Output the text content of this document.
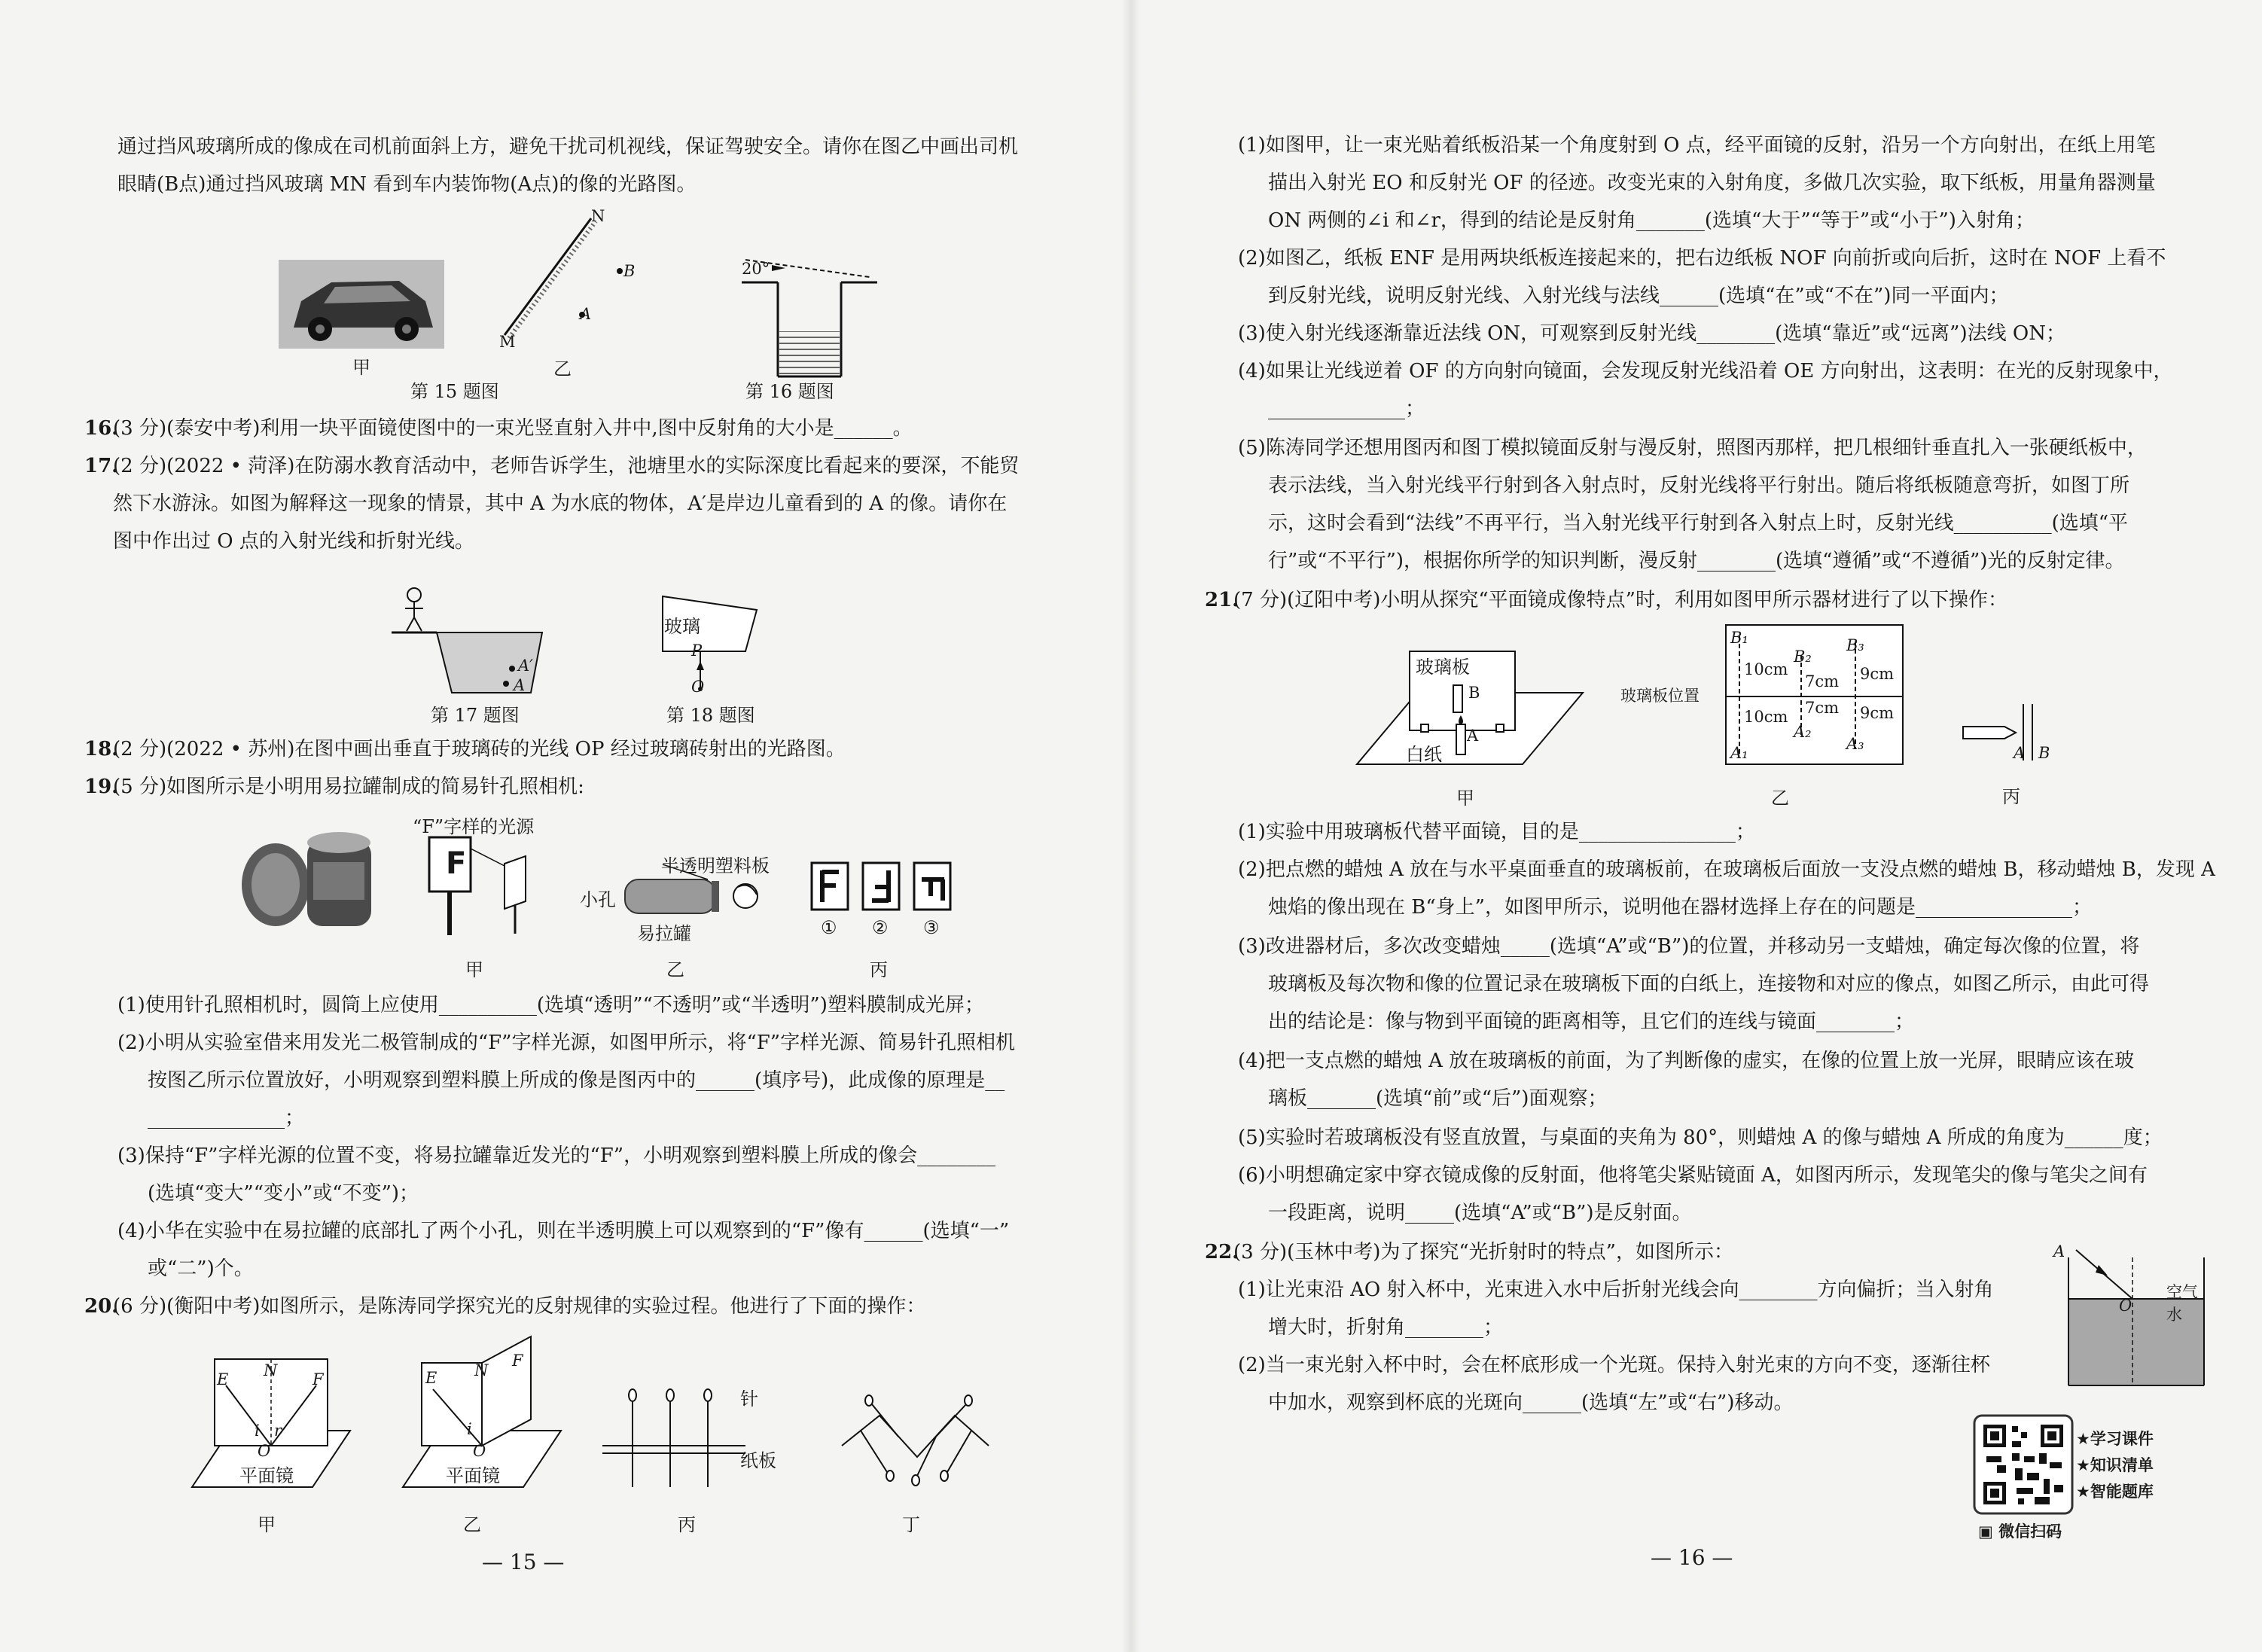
通过挡风玻璃所成的像成在司机前面斜上方，避免干扰司机视线，保证驾驶安全。请你在图乙中画出司机
眼睛(B点)通过挡风玻璃 MN 看到车内装饰物(A点)的像的光路图。
甲
N
M
B
A
乙
第 15 题图
20°
第 16 题图
16.
(3 分)(泰安中考)利用一块平面镜使图中的一束光竖直射入井中,图中反射角的大小是______。
17.
(2 分)(2022 • 菏泽)在防溺水教育活动中，老师告诉学生，池塘里水的实际深度比看起来的要深，不能贸
然下水游泳。如图为解释这一现象的情景，其中 A 为水底的物体，A′是岸边儿童看到的 A 的像。请你在
图中作出过 O 点的入射光线和折射光线。
A′
A
第 17 题图
玻璃
P
O
第 18 题图
18.
(2 分)(2022 • 苏州)在图中画出垂直于玻璃砖的光线 OP 经过玻璃砖射出的光路图。
19.
(5 分)如图所示是小明用易拉罐制成的简易针孔照相机:
“F”字样的光源
F
甲
半透明塑料板
小孔
易拉罐
乙
① ② ③
丙
(1)使用针孔照相机时，圆筒上应使用__________(选填“透明”“不透明”或“半透明”)塑料膜制成光屏；
(2)小明从实验室借来用发光二极管制成的“F”字样光源，如图甲所示，将“F”字样光源、简易针孔照相机
按图乙所示位置放好，小明观察到塑料膜上所成的像是图丙中的______(填序号)，此成像的原理是__
______________；
(3)保持“F”字样光源的位置不变，将易拉罐靠近发光的“F”，小明观察到塑料膜上所成的像会________
(选填“变大”“变小”或“不变”)；
(4)小华在实验中在易拉罐的底部扎了两个小孔，则在半透明膜上可以观察到的“F”像有______(选填“一”
或“二”)个。
20.
(6 分)(衡阳中考)如图所示，是陈涛同学探究光的反射规律的实验过程。他进行了下面的操作：
E N F
O
i r
平面镜
甲
E N
F
i
O
平面镜
乙
针
纸板
丙	丁
— 15 —
(1)如图甲，让一束光贴着纸板沿某一个角度射到 O 点，经平面镜的反射，沿另一个方向射出，在纸上用笔
描出入射光 EO 和反射光 OF 的径迹。改变光束的入射角度，多做几次实验，取下纸板，用量角器测量
ON 两侧的∠i 和∠r，得到的结论是反射角_______(选填“大于”“等于”或“小于”)入射角；
(2)如图乙，纸板 ENF 是用两块纸板连接起来的，把右边纸板 NOF 向前折或向后折，这时在 NOF 上看不
到反射光线，说明反射光线、入射光线与法线______(选填“在”或“不在”)同一平面内；
(3)使入射光线逐渐靠近法线 ON，可观察到反射光线________(选填“靠近”或“远离”)法线 ON；
(4)如果让光线逆着 OF 的方向射向镜面，会发现反射光线沿着 OE 方向射出，这表明：在光的反射现象中，
______________；
(5)陈涛同学还想用图丙和图丁模拟镜面反射与漫反射，照图丙那样，把几根细针垂直扎入一张硬纸板中，
表示法线，当入射光线平行射到各入射点时，反射光线将平行射出。随后将纸板随意弯折，如图丁所
示，这时会看到“法线”不再平行，当入射光线平行射到各入射点上时，反射光线__________(选填“平
行”或“不平行”)，根据你所学的知识判断，漫反射________(选填“遵循”或“不遵循”)光的反射定律。
21.
(7 分)(辽阳中考)小明从探究“平面镜成像特点”时，利用如图甲所示器材进行了以下操作：
玻璃板
B
A
白纸
甲
玻璃板位置
B₁
B₂
B₃
10cm
10cm
7cm
7cm
9cm
9cm
A₁
A₂
A₃
乙
A B
丙
(1)实验中用玻璃板代替平面镜，目的是________________；
(2)把点燃的蜡烛 A 放在与水平桌面垂直的玻璃板前，在玻璃板后面放一支没点燃的蜡烛 B，移动蜡烛 B，发现 A
烛焰的像出现在 B“身上”，如图甲所示，说明他在器材选择上存在的问题是________________；
(3)改进器材后，多次改变蜡烛_____(选填“A”或“B”)的位置，并移动另一支蜡烛，确定每次像的位置，将
玻璃板及每次物和像的位置记录在玻璃板下面的白纸上，连接物和对应的像点，如图乙所示，由此可得
出的结论是：像与物到平面镜的距离相等，且它们的连线与镜面________；
(4)把一支点燃的蜡烛 A 放在玻璃板的前面，为了判断像的虚实，在像的位置上放一光屏，眼睛应该在玻
璃板_______(选填“前”或“后”)面观察；
(5)实验时若玻璃板没有竖直放置，与桌面的夹角为 80°，则蜡烛 A 的像与蜡烛 A 所成的角度为______度；
(6)小明想确定家中穿衣镜成像的反射面，他将笔尖紧贴镜面 A，如图丙所示，发现笔尖的像与笔尖之间有
一段距离，说明_____(选填“A”或“B”)是反射面。
22.
(3 分)(玉林中考)为了探究“光折射时的特点”，如图所示：
(1)让光束沿 AO 射入杯中，光束进入水中后折射光线会向________方向偏折；当入射角
增大时，折射角________；
(2)当一束光射入杯中时，会在杯底形成一个光斑。保持入射光束的方向不变，逐渐往杯
中加水，观察到杯底的光斑向______(选填“左”或“右”)移动。
A
O
空气
水
★学习课件
★知识清单
★智能题库
▣ 微信扫码
— 16 —
